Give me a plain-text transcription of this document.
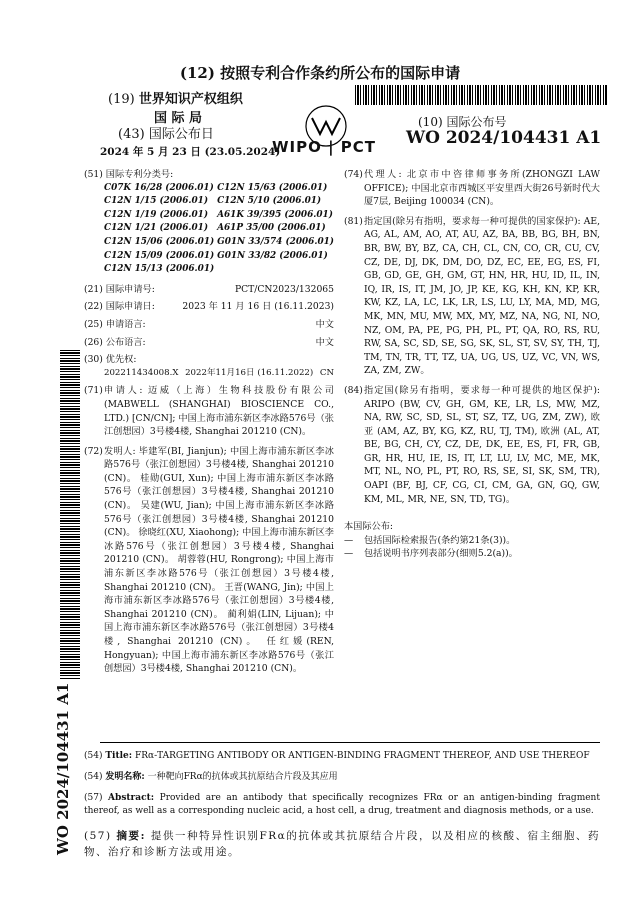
(12) 按照专利合作条约所公布的国际申请
(19) 世界知识产权组织
国 际 局
(43) 国际公布日
2024 年 5 月 23 日 (23.05.2024)
WIPO | PCT
(10) 国际公布号
WO 2024/104431 A1
(51) 国际专利分类号:
C07K 16/28 (2006.01)
C12N 1/15 (2006.01)
C12N 1/19 (2006.01)
C12N 1/21 (2006.01)
C12N 15/06 (2006.01)
C12N 15/09 (2006.01)
C12N 15/13 (2006.01)
C12N 15/63 (2006.01)
C12N 5/10 (2006.01)
A61K 39/395 (2006.01)
A61P 35/00 (2006.01)
G01N 33/574 (2006.01)
G01N 33/82 (2006.01)
(21) 国际申请号:	PCT/CN2023/132065
(22) 国际申请日:	2023 年 11 月 16 日 (16.11.2023)
(25) 申请语言:	中文
(26) 公布语言:	中文
(30) 优先权:
202211434008.X 2022年11月16日 (16.11.2022) CN
(71) 申请人: 迈威（上海）生物科技股份有限公司 (MABWELL (SHANGHAI) BIOSCIENCE CO., LTD.) [CN/CN]; 中国上海市浦东新区李冰路576号（张江创想园）3号楼4楼, Shanghai 201210 (CN)。
(72) 发明人: 毕建军(BI, Jianjun); 中国上海市浦东新区李冰路576号（张江创想园）3号楼4楼, Shanghai 201210 (CN)。 桂勋(GUI, Xun); 中国上海市浦东新区李冰路576号（张江创想园）3号楼4楼, Shanghai 201210 (CN)。 吴建(WU, Jian); 中国上海市浦东新区李冰路576号（张江创想园）3号楼4楼, Shanghai 201210 (CN)。 徐晓红(XU, Xiaohong); 中国上海市浦东新区李冰路576号（张江创想园）3号楼4楼, Shanghai 201210 (CN)。 胡蓉蓉(HU, Rongrong); 中国上海市浦东新区李冰路576号（张江创想园）3号楼4楼, Shanghai 201210 (CN)。 王晋(WANG, Jin); 中国上海市浦东新区李冰路576号（张江创想园）3号楼4楼, Shanghai 201210 (CN)。 蔺利娟(LIN, Lijuan); 中国上海市浦东新区李冰路576号（张江创想园）3号楼4楼, Shanghai 201210 (CN)。 任红媛(REN, Hongyuan); 中国上海市浦东新区李冰路576号（张江创想园）3号楼4楼, Shanghai 201210 (CN)。
(74) 代理人: 北京市中咨律师事务所(ZHONGZI LAW OFFICE); 中国北京市西城区平安里西大街26号新时代大厦7层, Beijing 100034 (CN)。
(81) 指定国(除另有指明，要求每一种可提供的国家保护): AE, AG, AL, AM, AO, AT, AU, AZ, BA, BB, BG, BH, BN, BR, BW, BY, BZ, CA, CH, CL, CN, CO, CR, CU, CV, CZ, DE, DJ, DK, DM, DO, DZ, EC, EE, EG, ES, FI, GB, GD, GE, GH, GM, GT, HN, HR, HU, ID, IL, IN, IQ, IR, IS, IT, JM, JO, JP, KE, KG, KH, KN, KP, KR, KW, KZ, LA, LC, LK, LR, LS, LU, LY, MA, MD, MG, MK, MN, MU, MW, MX, MY, MZ, NA, NG, NI, NO, NZ, OM, PA, PE, PG, PH, PL, PT, QA, RO, RS, RU, RW, SA, SC, SD, SE, SG, SK, SL, ST, SV, SY, TH, TJ, TM, TN, TR, TT, TZ, UA, UG, US, UZ, VC, VN, WS, ZA, ZM, ZW。
(84) 指定国(除另有指明，要求每一种可提供的地区保护): ARIPO (BW, CV, GH, GM, KE, LR, LS, MW, MZ, NA, RW, SC, SD, SL, ST, SZ, TZ, UG, ZM, ZW), 欧亚 (AM, AZ, BY, KG, KZ, RU, TJ, TM), 欧洲 (AL, AT, BE, BG, CH, CY, CZ, DE, DK, EE, ES, FI, FR, GB, GR, HR, HU, IE, IS, IT, LT, LU, LV, MC, ME, MK, MT, NL, NO, PL, PT, RO, RS, SE, SI, SK, SM, TR), OAPI (BF, BJ, CF, CG, CI, CM, GA, GN, GQ, GW, KM, ML, MR, NE, SN, TD, TG)。
本国际公布:
—	包括国际检索报告(条约第21条(3))。
—	包括说明书序列表部分(细则5.2(a))。
WO 2024/104431 A1 (54) Title: FRα-TARGETING ANTIBODY OR ANTIGEN-BINDING FRAGMENT THEREOF, AND USE THEREOF

(54) 发明名称: 一种靶向FRα的抗体或其抗原结合片段及其应用

(57) Abstract: Provided are an antibody that specifically recognizes FRα or an antigen-binding fragment thereof, as well as a corresponding nucleic acid, a host cell, a drug, treatment and diagnosis methods, or a use.

(57) 摘要: 提供一种特异性识别FRα的抗体或其抗原结合片段，以及相应的核酸、宿主细胞、药物、治疗和诊断方法或用途。
